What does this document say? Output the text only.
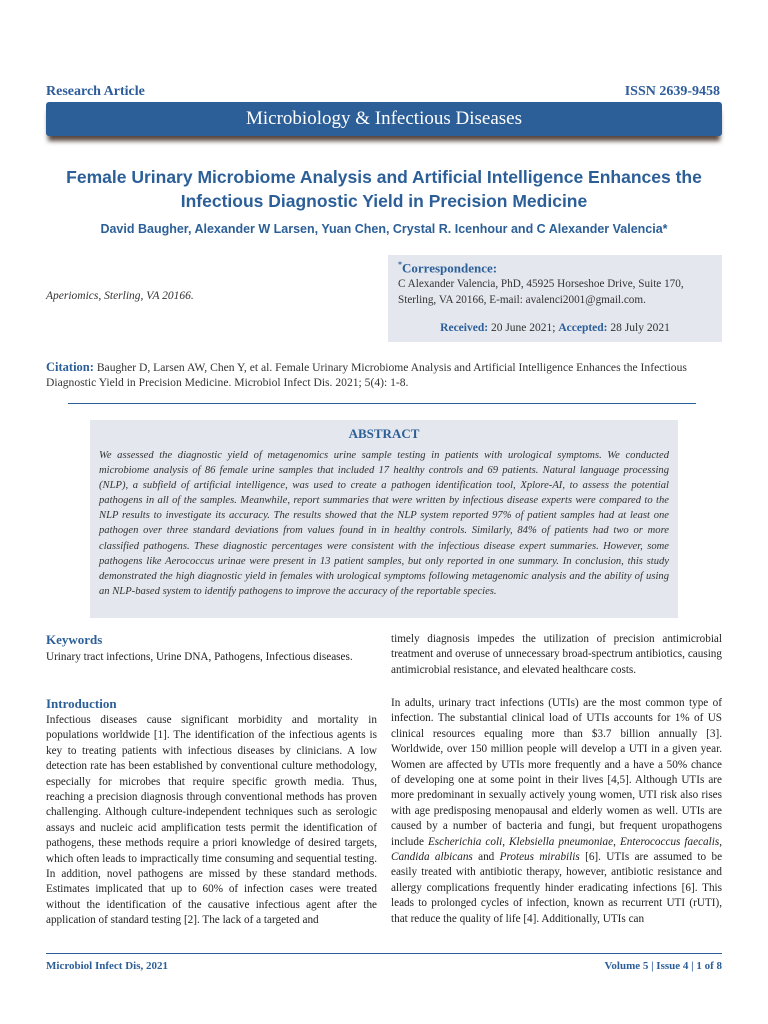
Research Article	ISSN 2639-9458
Microbiology & Infectious Diseases
Female Urinary Microbiome Analysis and Artificial Intelligence Enhances the Infectious Diagnostic Yield in Precision Medicine
David Baugher, Alexander W Larsen, Yuan Chen, Crystal R. Icenhour and C Alexander Valencia*
Aperiomics, Sterling, VA 20166.
*Correspondence:
C Alexander Valencia, PhD, 45925 Horseshoe Drive, Suite 170, Sterling, VA 20166, E-mail: avalenci2001@gmail.com.
Received: 20 June 2021; Accepted: 28 July 2021
Citation: Baugher D, Larsen AW, Chen Y, et al. Female Urinary Microbiome Analysis and Artificial Intelligence Enhances the Infectious Diagnostic Yield in Precision Medicine. Microbiol Infect Dis. 2021; 5(4): 1-8.
ABSTRACT
We assessed the diagnostic yield of metagenomics urine sample testing in patients with urological symptoms. We conducted microbiome analysis of 86 female urine samples that included 17 healthy controls and 69 patients. Natural language processing (NLP), a subfield of artificial intelligence, was used to create a pathogen identification tool, Xplore-AI, to assess the potential pathogens in all of the samples. Meanwhile, report summaries that were written by infectious disease experts were compared to the NLP results to investigate its accuracy. The results showed that the NLP system reported 97% of patient samples had at least one pathogen over three standard deviations from values found in in healthy controls. Similarly, 84% of patients had two or more classified pathogens. These diagnostic percentages were consistent with the infectious disease expert summaries. However, some pathogens like Aerococcus urinae were present in 13 patient samples, but only reported in one summary. In conclusion, this study demonstrated the high diagnostic yield in females with urological symptoms following metagenomic analysis and the ability of using an NLP-based system to identify pathogens to improve the accuracy of the reportable species.
Keywords
Urinary tract infections, Urine DNA, Pathogens, Infectious diseases.
Introduction
Infectious diseases cause significant morbidity and mortality in populations worldwide [1]. The identification of the infectious agents is key to treating patients with infectious diseases by clinicians. A low detection rate has been established by conventional culture methodology, especially for microbes that require specific growth media. Thus, reaching a precision diagnosis through conventional methods has proven challenging. Although culture-independent techniques such as serologic assays and nucleic acid amplification tests permit the identification of pathogens, these methods require a priori knowledge of desired targets, which often leads to impractically time consuming and sequential testing. In addition, novel pathogens are missed by these standard methods. Estimates implicated that up to 60% of infection cases were treated without the identification of the causative infectious agent after the application of standard testing [2]. The lack of a targeted and
timely diagnosis impedes the utilization of precision antimicrobial treatment and overuse of unnecessary broad-spectrum antibiotics, causing antimicrobial resistance, and elevated healthcare costs.
In adults, urinary tract infections (UTIs) are the most common type of infection. The substantial clinical load of UTIs accounts for 1% of US clinical resources equaling more than $3.7 billion annually [3]. Worldwide, over 150 million people will develop a UTI in a given year. Women are affected by UTIs more frequently and a have a 50% chance of developing one at some point in their lives [4,5]. Although UTIs are more predominant in sexually actively young women, UTI risk also rises with age predisposing menopausal and elderly women as well. UTIs are caused by a number of bacteria and fungi, but frequent uropathogens include Escherichia coli, Klebsiella pneumoniae, Enterococcus faecalis, Candida albicans and Proteus mirabilis [6]. UTIs are assumed to be easily treated with antibiotic therapy, however, antibiotic resistance and allergy complications frequently hinder eradicating infections [6]. This leads to prolonged cycles of infection, known as recurrent UTI (rUTI), that reduce the quality of life [4]. Additionally, UTIs can
Microbiol Infect Dis, 2021	Volume 5 | Issue 4 | 1 of 8
